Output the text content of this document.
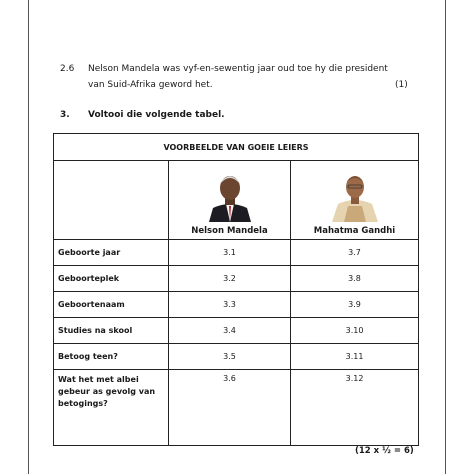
2.6 Nelson Mandela was vyf-en-sewentig jaar oud toe hy die president
van Suid-Afrika geword het.	(1)
3. Voltooi die volgende tabel.
VOORBEELDE VAN GOEIE LEIERS		

	Nelson Mandela	Mahatma Gandhi

Geboorte jaar	3.1	3.7
Geboorteplek	3.2	3.8
Geboortenaam	3.3	3.9
Studies na skool	3.4	3.10
Betoog teen?	3.5	3.11
Wat het met albei gebeur as gevolg van betogings?	3.6	3.12
(12 x ½ = 6)
